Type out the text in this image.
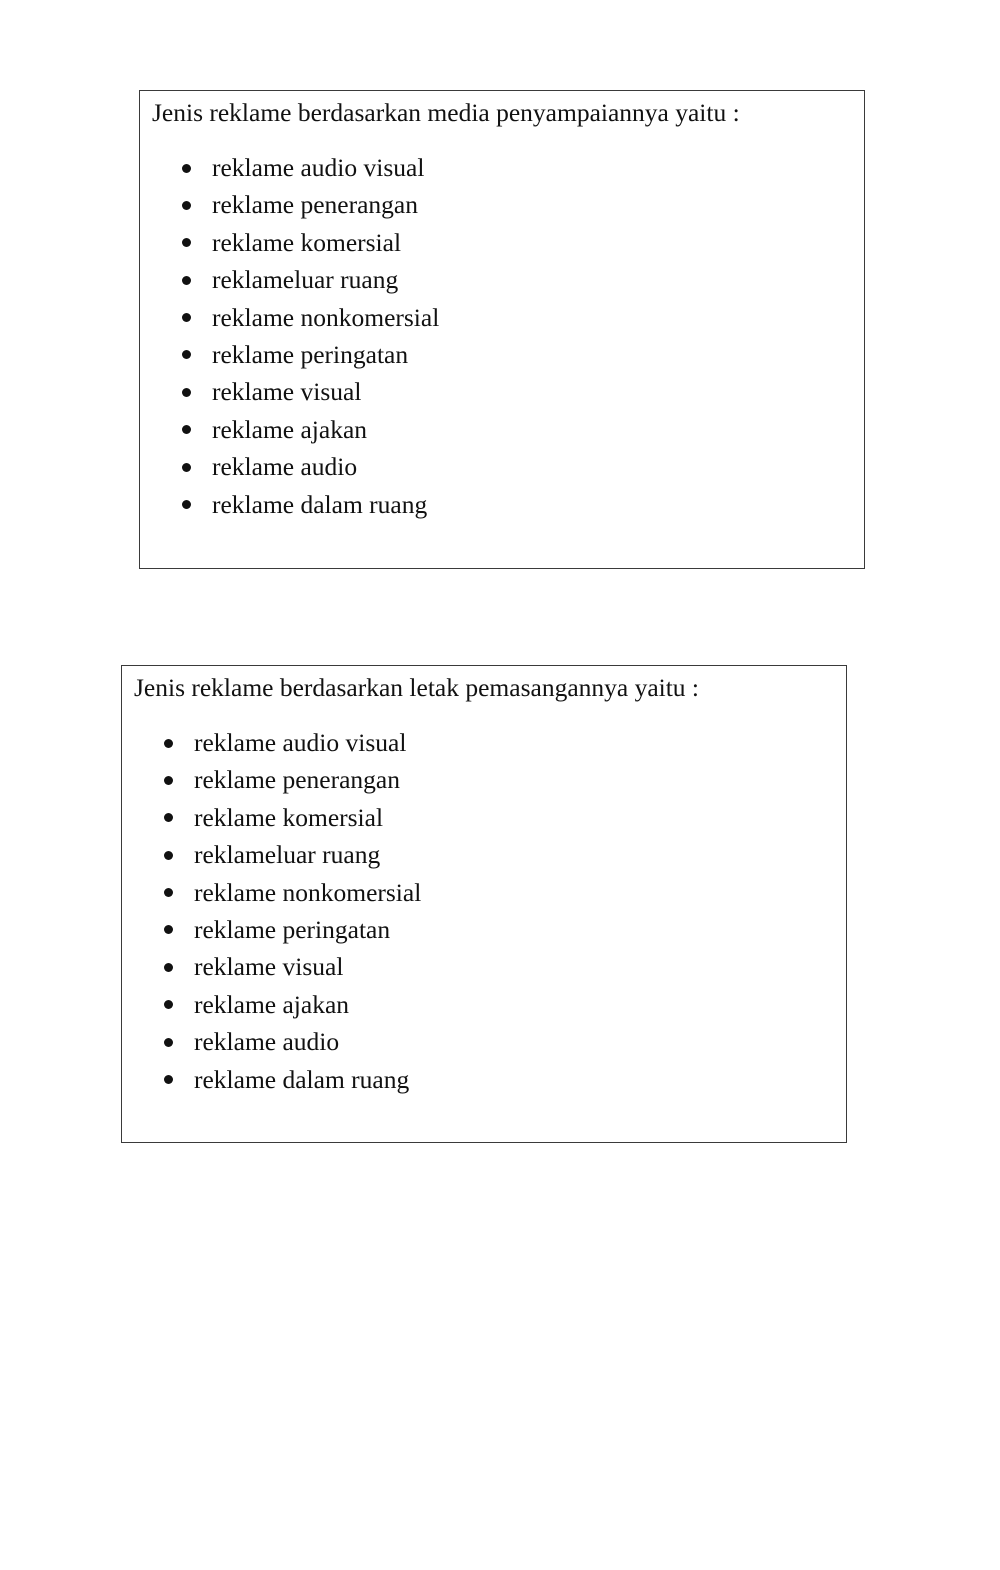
Jenis reklame berdasarkan media penyampaiannya yaitu :

reklame audio visual
reklame penerangan
reklame komersial
reklameluar ruang
reklame nonkomersial
reklame peringatan
reklame visual
reklame ajakan
reklame audio
reklame dalam ruang

Jenis reklame berdasarkan letak pemasangannya yaitu :

reklame audio visual
reklame penerangan
reklame komersial
reklameluar ruang
reklame nonkomersial
reklame peringatan
reklame visual
reklame ajakan
reklame audio
reklame dalam ruang
